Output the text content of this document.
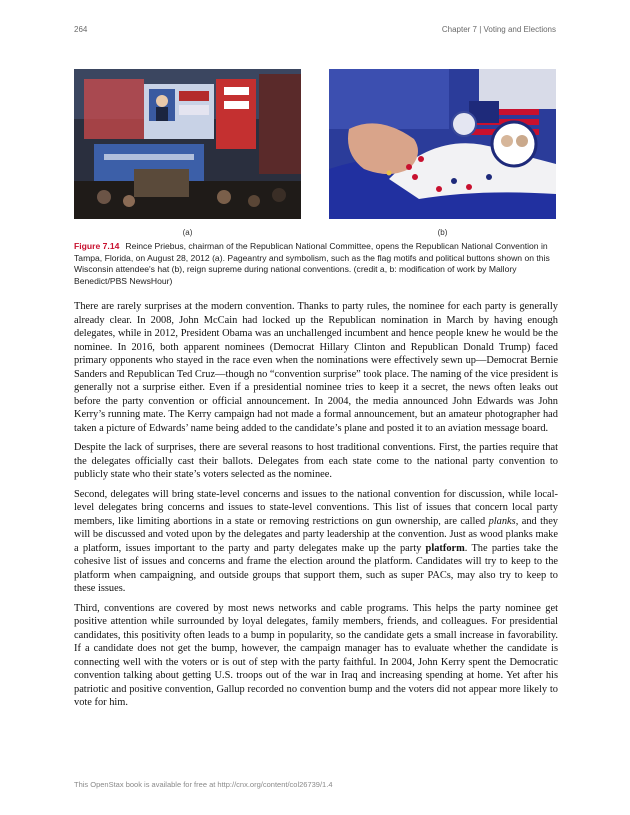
264	Chapter 7 | Voting and Elections
(a)	(b)
Figure 7.14 Reince Priebus, chairman of the Republican National Committee, opens the Republican National Convention in Tampa, Florida, on August 28, 2012 (a). Pageantry and symbolism, such as the flag motifs and political buttons shown on this Wisconsin attendee's hat (b), reign supreme during national conventions. (credit a, b: modification of work by Mallory Benedict/PBS NewsHour)

There are rarely surprises at the modern convention. Thanks to party rules, the nominee for each party is generally already clear. In 2008, John McCain had locked up the Republican nomination in March by having enough delegates, while in 2012, President Obama was an unchallenged incumbent and hence people knew he would be the nominee. In 2016, both apparent nominees (Democrat Hillary Clinton and Republican Donald Trump) faced primary opponents who stayed in the race even when the nominations were effectively sewn up—Democrat Bernie Sanders and Republican Ted Cruz—though no “convention surprise” took place. The naming of the vice president is generally not a surprise either. Even if a presidential nominee tries to keep it a secret, the news often leaks out before the party convention or official announcement. In 2004, the media announced John Edwards was John Kerry’s running mate. The Kerry campaign had not made a formal announcement, but an amateur photographer had taken a picture of Edwards’ name being added to the candidate’s plane and posted it to an aviation message board.

Despite the lack of surprises, there are several reasons to host traditional conventions. First, the parties require that the delegates officially cast their ballots. Delegates from each state come to the national party convention to publicly state who their state’s voters selected as the nominee.

Second, delegates will bring state-level concerns and issues to the national convention for discussion, while local-level delegates bring concerns and issues to state-level conventions. This list of issues that concern local party members, like limiting abortions in a state or removing restrictions on gun ownership, are called planks, and they will be discussed and voted upon by the delegates and party leadership at the convention. Just as wood planks make a platform, issues important to the party and party delegates make up the party platform. The parties take the cohesive list of issues and concerns and frame the election around the platform. Candidates will try to keep to the platform when campaigning, and outside groups that support them, such as super PACs, may also try to keep to these issues.

Third, conventions are covered by most news networks and cable programs. This helps the party nominee get positive attention while surrounded by loyal delegates, family members, friends, and colleagues. For presidential candidates, this positivity often leads to a bump in popularity, so the candidate gets a small increase in favorability. If a candidate does not get the bump, however, the campaign manager has to evaluate whether the candidate is connecting well with the voters or is out of step with the party faithful. In 2004, John Kerry spent the Democratic convention talking about getting U.S. troops out of the war in Iraq and increasing spending at home. Yet after his patriotic and positive convention, Gallup recorded no convention bump and the voters did not appear more likely to vote for him.

This OpenStax book is available for free at http://cnx.org/content/col26739/1.4
